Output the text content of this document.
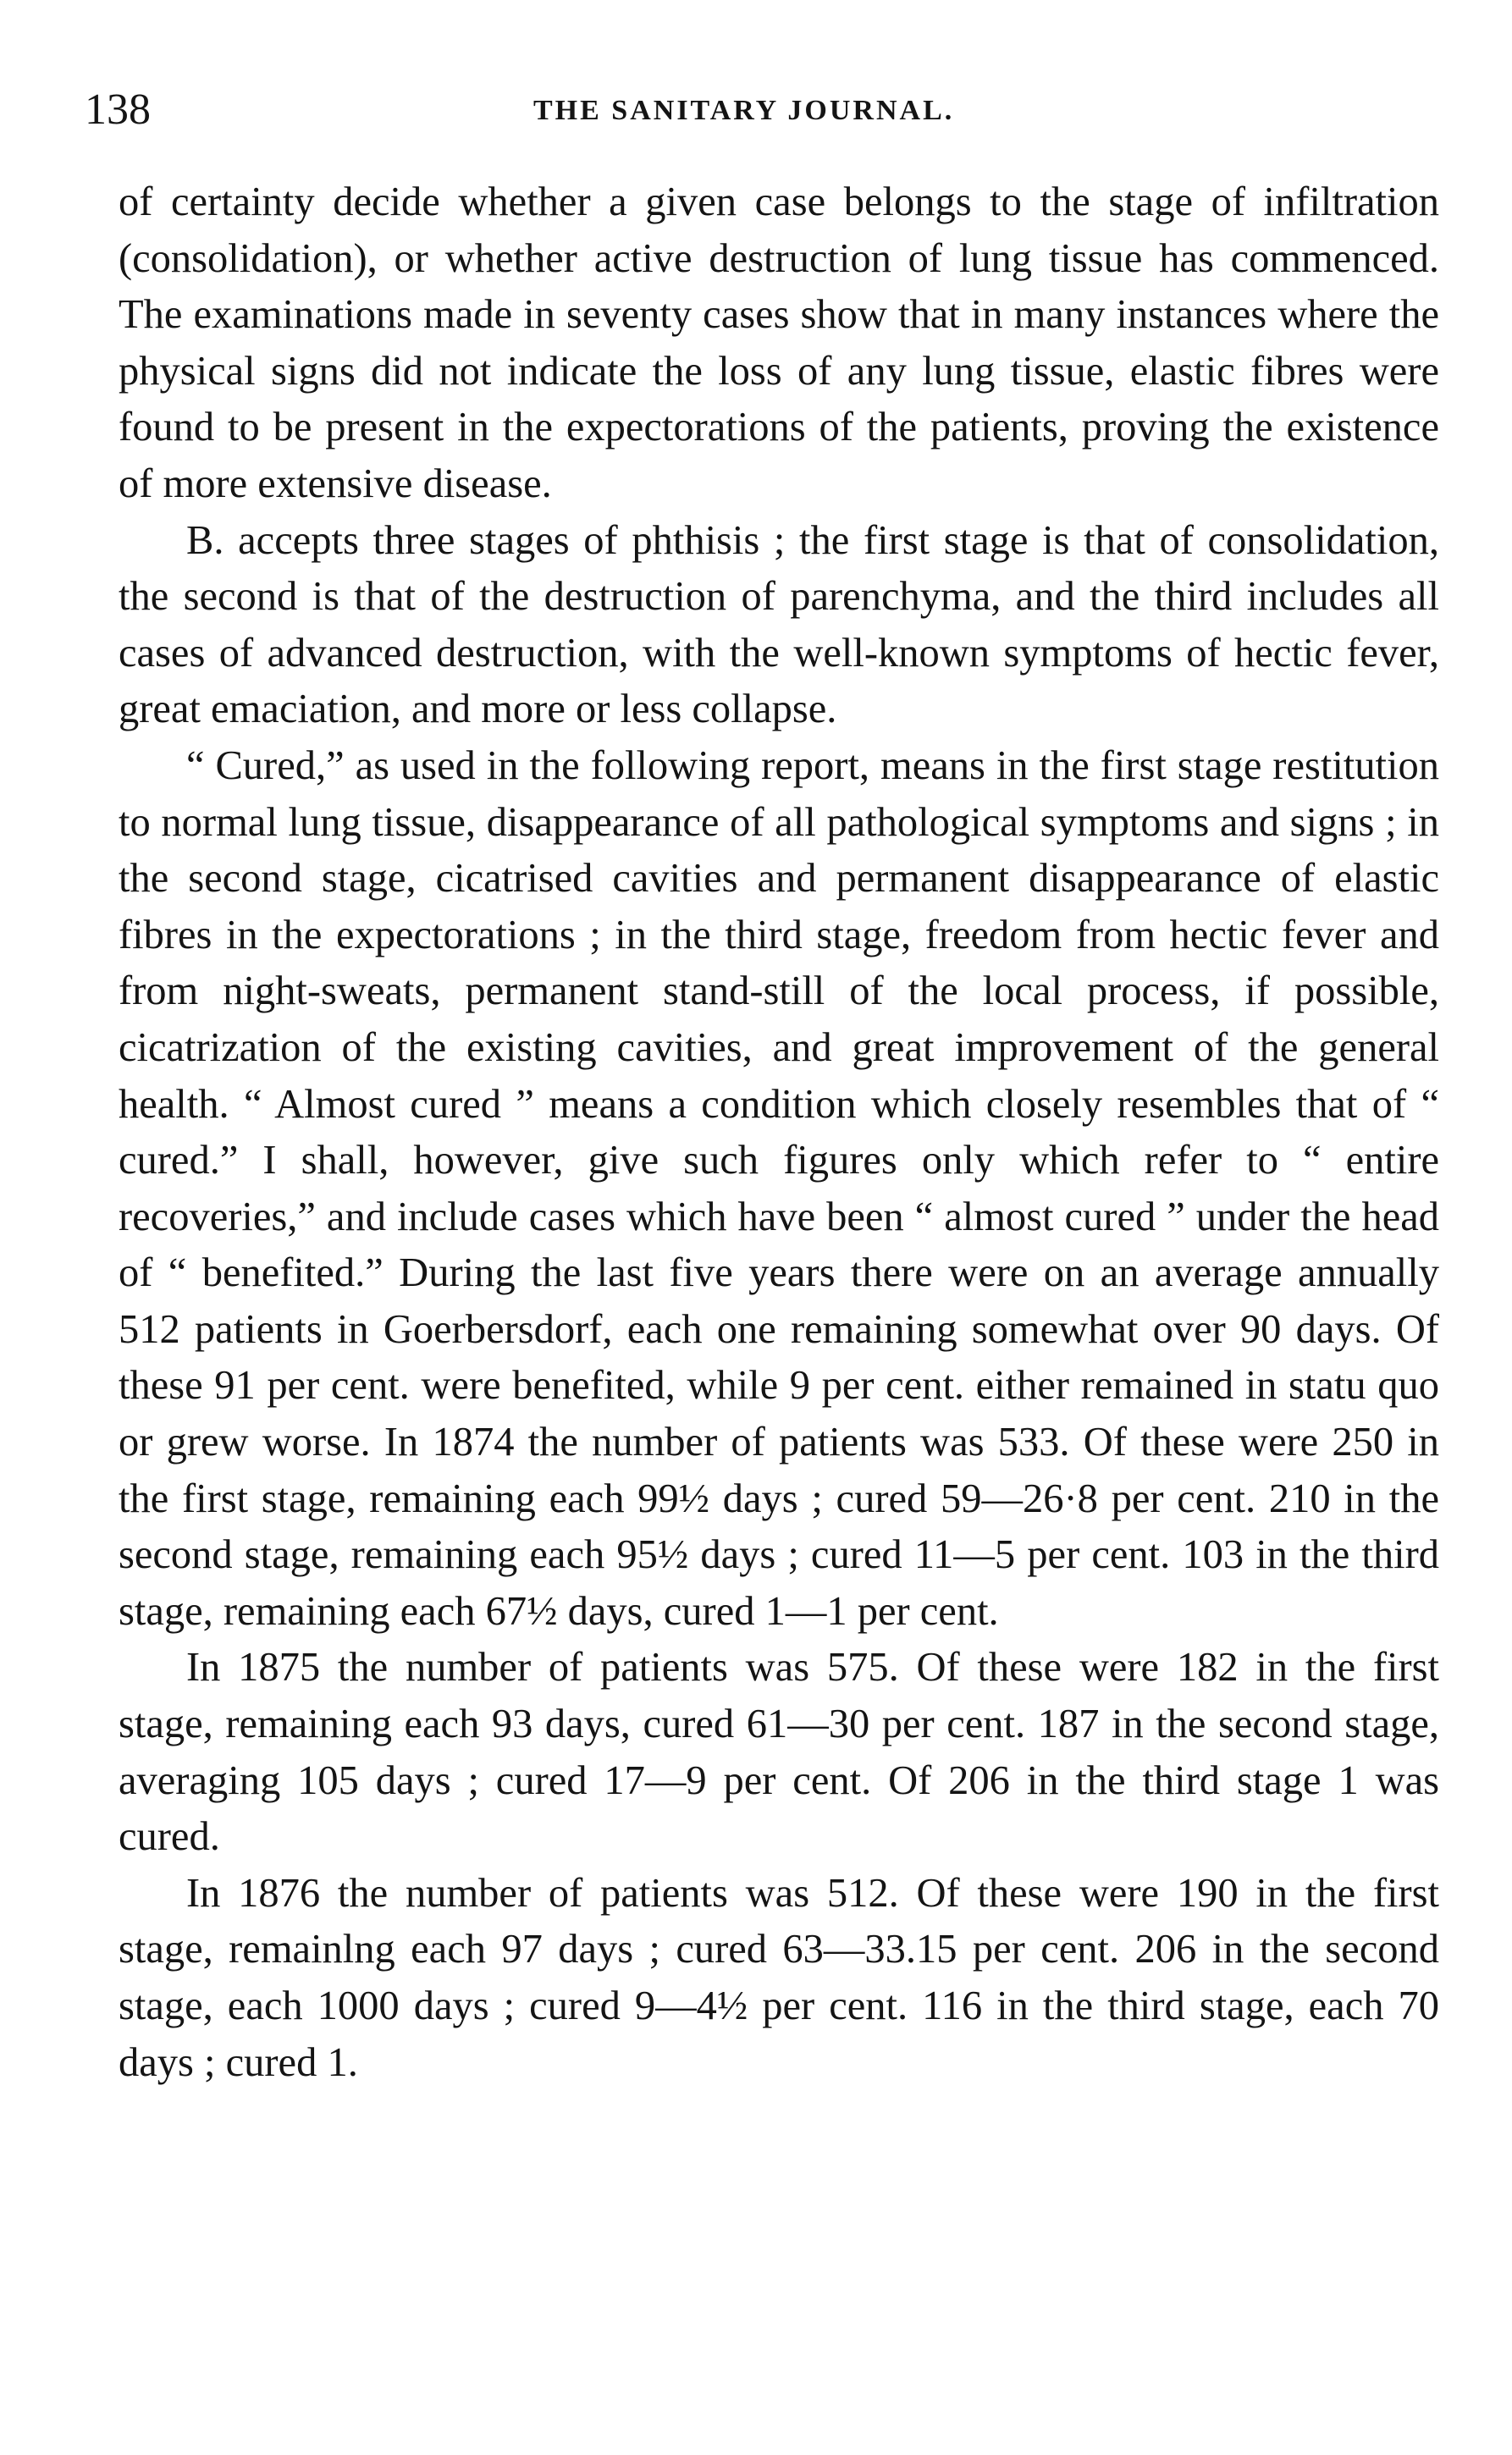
138	THE SANITARY JOURNAL.

of certainty decide whether a given case belongs to the stage of infiltration (consolidation), or whether active destruction of lung tissue has commenced. The examinations made in seventy cases show that in many instances where the physical signs did not indicate the loss of any lung tissue, elastic fibres were found to be present in the expectorations of the patients, proving the existence of more extensive disease.

B. accepts three stages of phthisis ; the first stage is that of consolidation, the second is that of the destruction of parenchyma, and the third includes all cases of advanced destruction, with the well-known symptoms of hectic fever, great emaciation, and more or less collapse.

“ Cured,” as used in the following report, means in the first stage restitution to normal lung tissue, disappearance of all pathological symptoms and signs ; in the second stage, cicatrised cavities and permanent disappearance of elastic fibres in the expectorations ; in the third stage, freedom from hectic fever and from night-sweats, permanent stand-still of the local process, if possible, cicatrization of the existing cavities, and great improvement of the general health. “ Almost cured ” means a condition which closely resembles that of “ cured.” I shall, however, give such figures only which refer to “ entire recoveries,” and include cases which have been “ almost cured ” under the head of “ benefited.” During the last five years there were on an average annually 512 patients in Goerbersdorf, each one remaining somewhat over 90 days. Of these 91 per cent. were benefited, while 9 per cent. either remained in statu quo or grew worse. In 1874 the number of patients was 533. Of these were 250 in the first stage, remaining each 99½ days ; cured 59—26·8 per cent. 210 in the second stage, remaining each 95½ days ; cured 11—5 per cent. 103 in the third stage, remaining each 67½ days, cured 1—1 per cent.

In 1875 the number of patients was 575. Of these were 182 in the first stage, remaining each 93 days, cured 61—30 per cent. 187 in the second stage, averaging 105 days ; cured 17—9 per cent. Of 206 in the third stage 1 was cured.

In 1876 the number of patients was 512. Of these were 190 in the first stage, remainlng each 97 days ; cured 63—33.15 per cent. 206 in the second stage, each 1000 days ; cured 9—4½ per cent. 116 in the third stage, each 70 days ; cured 1.
